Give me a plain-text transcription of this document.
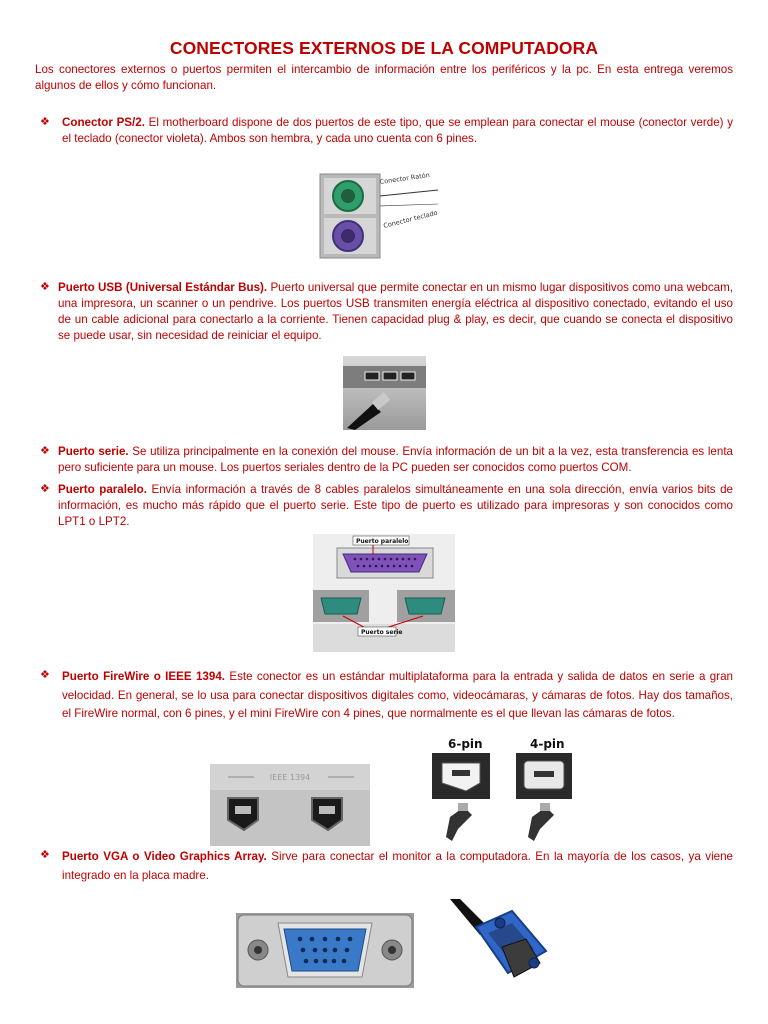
CONECTORES EXTERNOS DE LA COMPUTADORA
Los conectores externos o puertos permiten el intercambio de información entre los periféricos y la pc. En esta entrega veremos algunos de ellos y cómo funcionan.
❖ Conector PS/2. El motherboard dispone de dos puertos de este tipo, que se emplean para conectar el mouse (conector verde) y el teclado (conector violeta). Ambos son hembra, y cada uno cuenta con 6 pines.
Conector Ratón
Conector teclado
❖ Puerto USB (Universal Estándar Bus). Puerto universal que permite conectar en un mismo lugar dispositivos como una webcam, una impresora, un scanner o un pendrive. Los puertos USB transmiten energía eléctrica al dispositivo conectado, evitando el uso de un cable adicional para conectarlo a la corriente. Tienen capacidad plug & play, es decir, que cuando se conecta el dispositivo se puede usar, sin necesidad de reiniciar el equipo.
❖ Puerto serie. Se utiliza principalmente en la conexión del mouse. Envía información de un bit a la vez, esta transferencia es lenta pero suficiente para un mouse. Los puertos seriales dentro de la PC pueden ser conocidos como puertos COM.
❖ Puerto paralelo. Envía información a través de 8 cables paralelos simultáneamente en una sola dirección, envía varios bits de información, es mucho más rápido que el puerto serie. Este tipo de puerto es utilizado para impresoras y son conocidos como LPT1 o LPT2.
Puerto paralelo
Puerto serie
❖ Puerto FireWire o IEEE 1394. Este conector es un estándar multiplataforma para la entrada y salida de datos en serie a gran velocidad. En general, se lo usa para conectar dispositivos digitales como, videocámaras, y cámaras de fotos. Hay dos tamaños, el FireWire normal, con 6 pines, y el mini FireWire con 4 pines, que normalmente es el que llevan las cámaras de fotos.
IEEE 1394
6-pin	4-pin
❖ Puerto VGA o Video Graphics Array. Sirve para conectar el monitor a la computadora. En la mayoría de los casos, ya viene integrado en la placa madre.
